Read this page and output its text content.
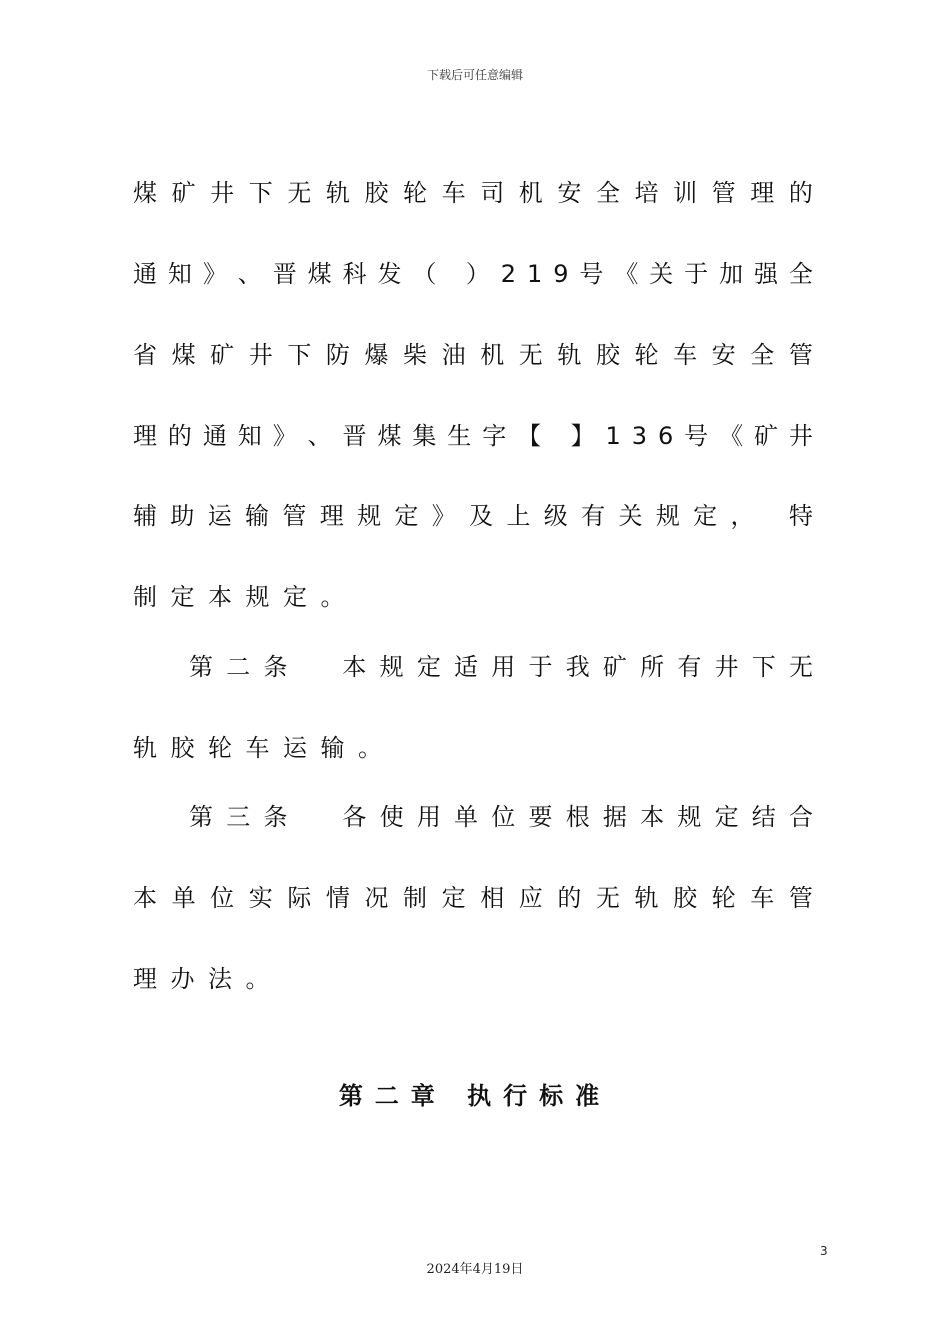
下载后可任意编辑
煤 矿 井 下 无 轨 胶 轮 车 司 机 安 全 培 训 管 理 的
通 知 》 、 晋 煤 科 发 （
） 2 1 9 号 《 关 于 加 强 全
省 煤 矿 井 下 防 爆 柴 油 机 无 轨 胶 轮 车 安 全 管
理 的 通 知 》 、 晋 煤 集 生 字 【
】 1 3 6 号 《 矿 井
辅 助 运 输 管 理 规 定 》 及 上 级 有 关 规 定 ，
特
制定本规定。
第 二 条

本 规 定 适 用 于 我 矿 所 有 井 下 无
轨胶轮车运输。
第 三 条

各 使 用 单 位 要 根 据 本 规 定 结 合
本 单 位 实 际 情 况 制 定 相 应 的 无 轨 胶 轮 车 管
理办法。
第二章 执行标准
3
2024年4月19日
